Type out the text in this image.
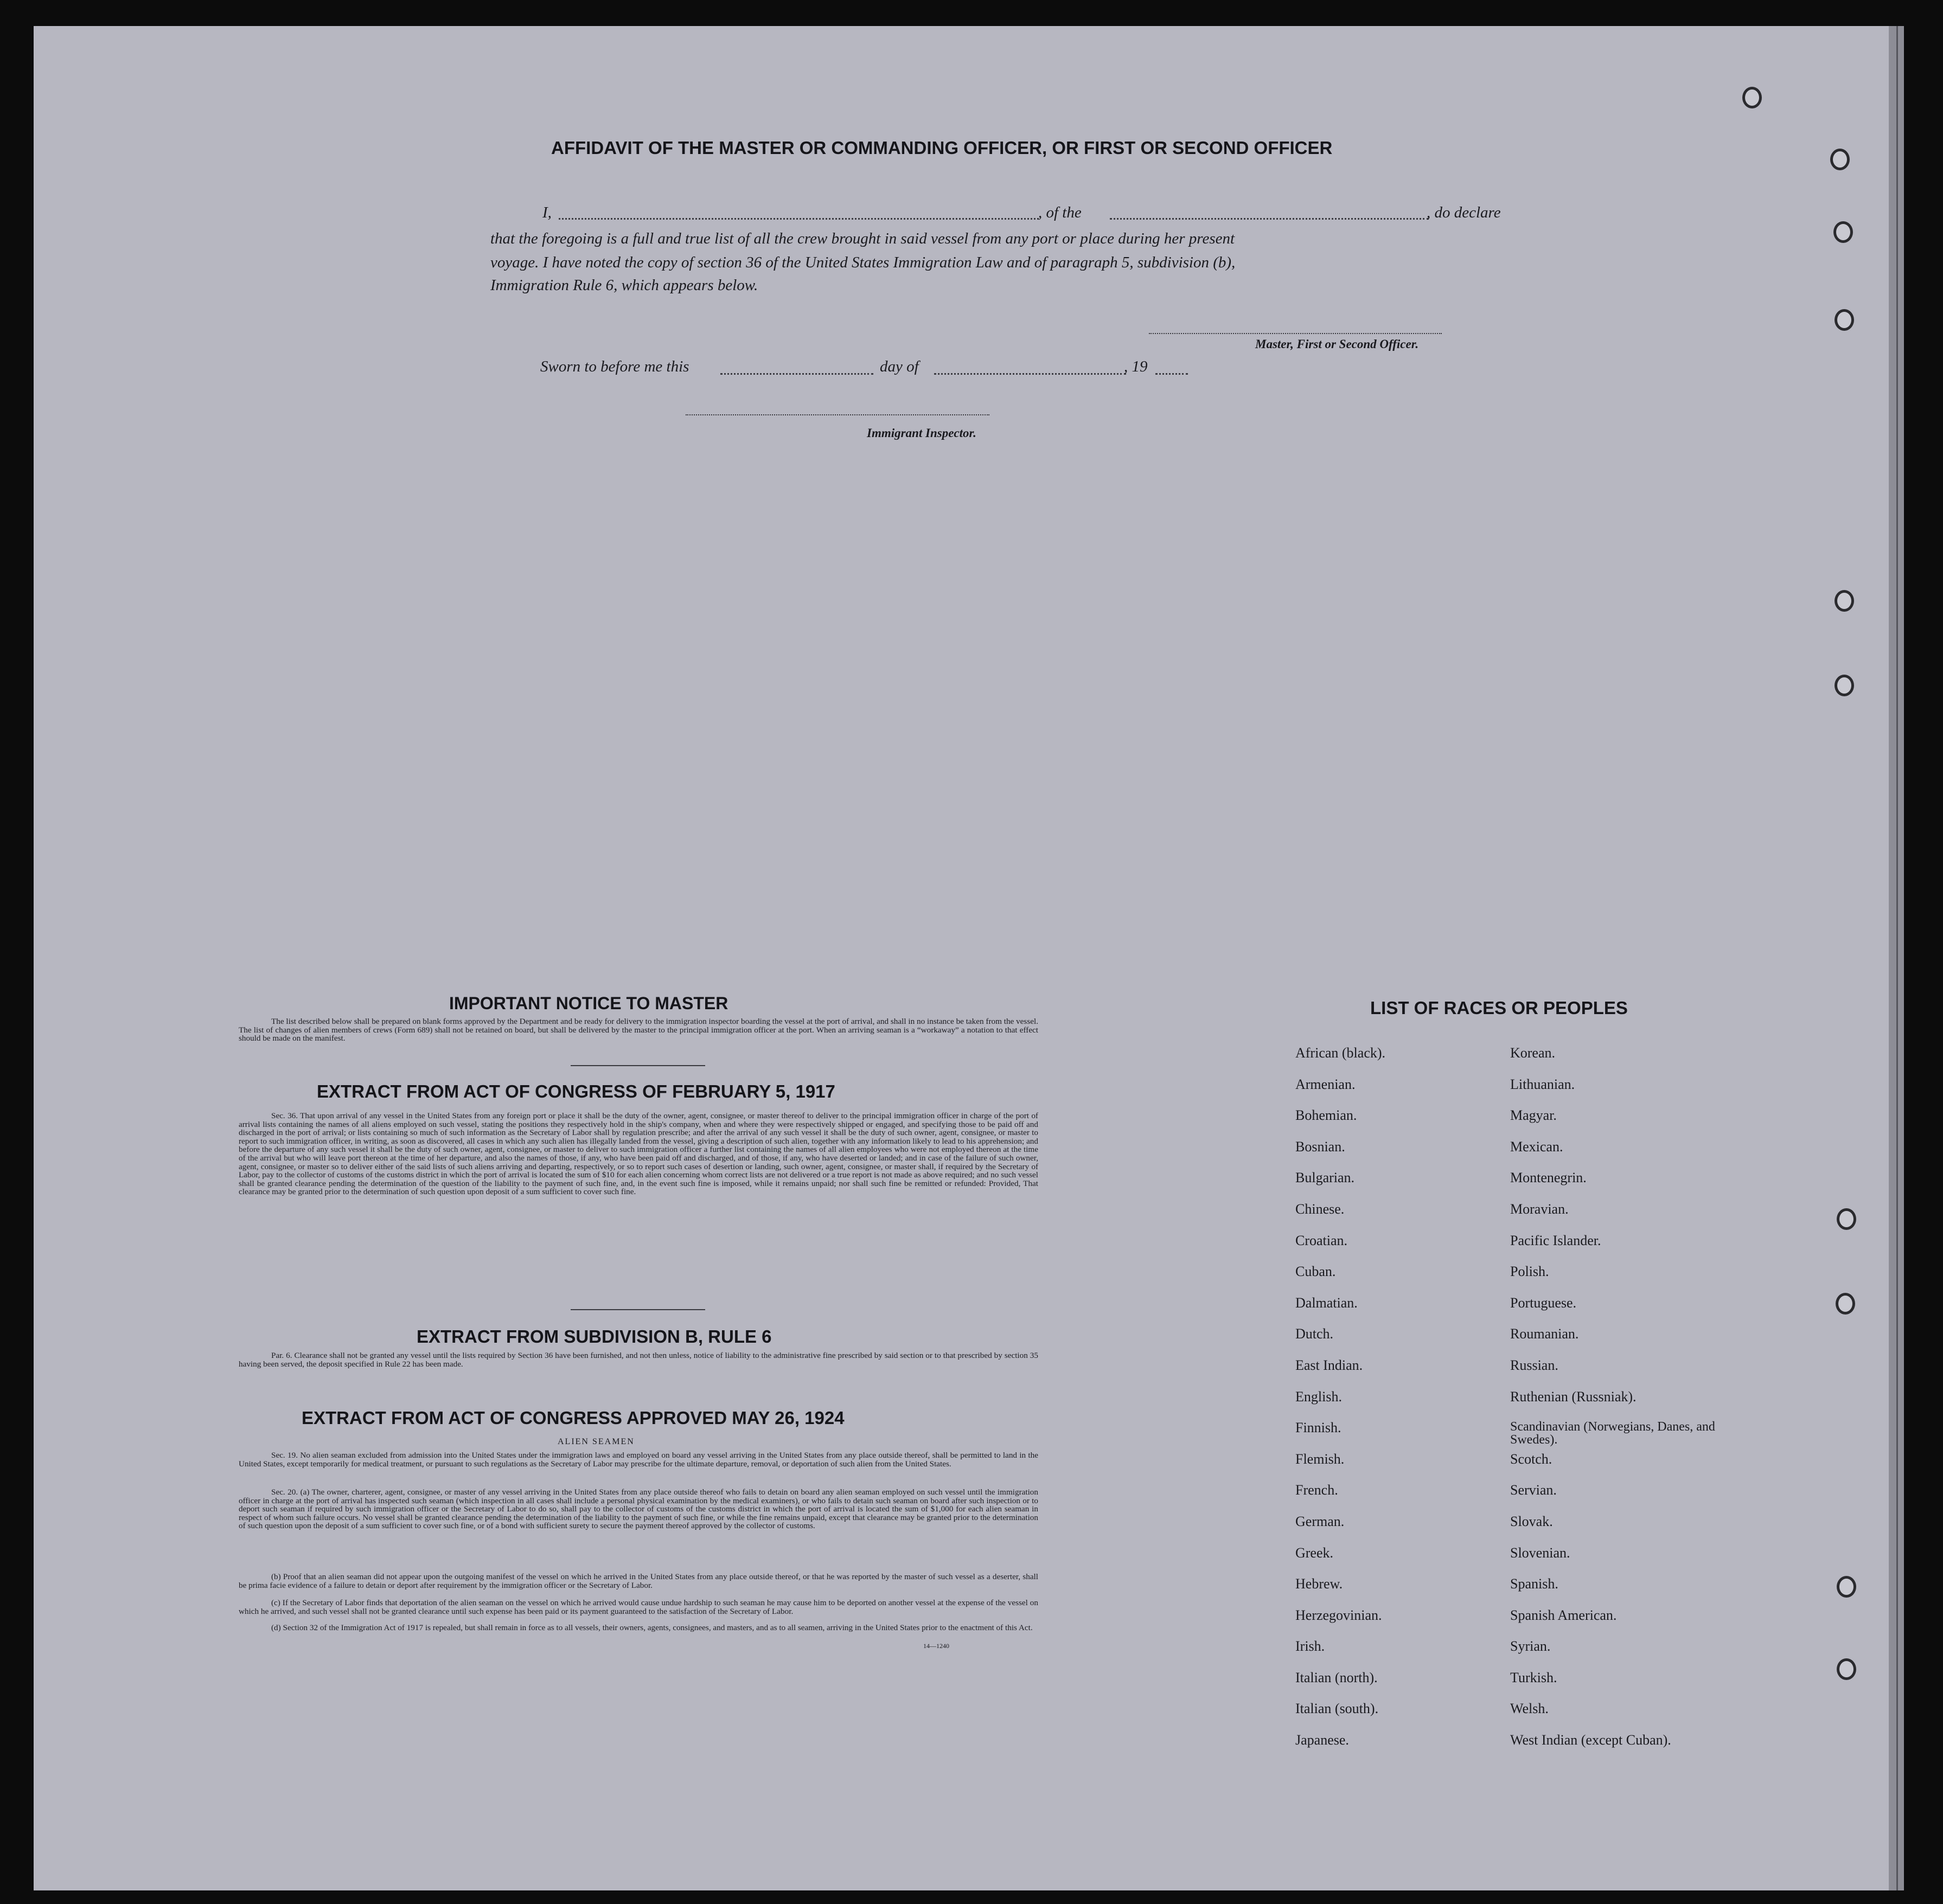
AFFIDAVIT OF THE MASTER OR COMMANDING OFFICER, OR FIRST OR SECOND OFFICER
I,	, of the	, do declare
that the foregoing is a full and true list of all the crew brought in said vessel from any port or place during her present
voyage. I have noted the copy of section 36 of the United States Immigration Law and of paragraph 5, subdivision (b),
Immigration Rule 6, which appears below.
Master, First or Second Officer.
Sworn to before me this	day of	, 19
Immigrant Inspector.
IMPORTANT NOTICE TO MASTER
The list described below shall be prepared on blank forms approved by the Department and be ready for delivery to the immigration inspector boarding the vessel at the port of arrival, and shall in no instance be taken from the vessel. The list of changes of alien members of crews (Form 689) shall not be retained on board, but shall be delivered by the master to the principal immigration officer at the port. When an arriving seaman is a “workaway” a notation to that effect should be made on the manifest.
EXTRACT FROM ACT OF CONGRESS OF FEBRUARY 5, 1917
Sec. 36. That upon arrival of any vessel in the United States from any foreign port or place it shall be the duty of the owner, agent, consignee, or master thereof to deliver to the principal immigration officer in charge of the port of arrival lists containing the names of all aliens employed on such vessel, stating the positions they respectively hold in the ship's company, when and where they were respectively shipped or engaged, and specifying those to be paid off and discharged in the port of arrival; or lists containing so much of such information as the Secretary of Labor shall by regulation prescribe; and after the arrival of any such vessel it shall be the duty of such owner, agent, consignee, or master to report to such immigration officer, in writing, as soon as discovered, all cases in which any such alien has illegally landed from the vessel, giving a description of such alien, together with any information likely to lead to his apprehension; and before the departure of any such vessel it shall be the duty of such owner, agent, consignee, or master to deliver to such immigration officer a further list containing the names of all alien employees who were not employed thereon at the time of the arrival but who will leave port thereon at the time of her departure, and also the names of those, if any, who have been paid off and discharged, and of those, if any, who have deserted or landed; and in case of the failure of such owner, agent, consignee, or master so to deliver either of the said lists of such aliens arriving and departing, respectively, or so to report such cases of desertion or landing, such owner, agent, consignee, or master shall, if required by the Secretary of Labor, pay to the collector of customs of the customs district in which the port of arrival is located the sum of $10 for each alien concerning whom correct lists are not delivered or a true report is not made as above required; and no such vessel shall be granted clearance pending the determination of the question of the liability to the payment of such fine, and, in the event such fine is imposed, while it remains unpaid; nor shall such fine be remitted or refunded: Provided, That clearance may be granted prior to the determination of such question upon deposit of a sum sufficient to cover such fine.
EXTRACT FROM SUBDIVISION B, RULE 6
Par. 6. Clearance shall not be granted any vessel until the lists required by Section 36 have been furnished, and not then unless, notice of liability to the administrative fine prescribed by said section or to that prescribed by section 35 having been served, the deposit specified in Rule 22 has been made.
EXTRACT FROM ACT OF CONGRESS APPROVED MAY 26, 1924
ALIEN SEAMEN
Sec. 19. No alien seaman excluded from admission into the United States under the immigration laws and employed on board any vessel arriving in the United States from any place outside thereof, shall be permitted to land in the United States, except temporarily for medical treatment, or pursuant to such regulations as the Secretary of Labor may prescribe for the ultimate departure, removal, or deportation of such alien from the United States.
Sec. 20. (a) The owner, charterer, agent, consignee, or master of any vessel arriving in the United States from any place outside thereof who fails to detain on board any alien seaman employed on such vessel until the immigration officer in charge at the port of arrival has inspected such seaman (which inspection in all cases shall include a personal physical examination by the medical examiners), or who fails to detain such seaman on board after such inspection or to deport such seaman if required by such immigration officer or the Secretary of Labor to do so, shall pay to the collector of customs of the customs district in which the port of arrival is located the sum of $1,000 for each alien seaman in respect of whom such failure occurs. No vessel shall be granted clearance pending the determination of the liability to the payment of such fine, or while the fine remains unpaid, except that clearance may be granted prior to the determination of such question upon the deposit of a sum sufficient to cover such fine, or of a bond with sufficient surety to secure the payment thereof approved by the collector of customs.
(b) Proof that an alien seaman did not appear upon the outgoing manifest of the vessel on which he arrived in the United States from any place outside thereof, or that he was reported by the master of such vessel as a deserter, shall be prima facie evidence of a failure to detain or deport after requirement by the immigration officer or the Secretary of Labor.
(c) If the Secretary of Labor finds that deportation of the alien seaman on the vessel on which he arrived would cause undue hardship to such seaman he may cause him to be deported on another vessel at the expense of the vessel on which he arrived, and such vessel shall not be granted clearance until such expense has been paid or its payment guaranteed to the satisfaction of the Secretary of Labor.
(d) Section 32 of the Immigration Act of 1917 is repealed, but shall remain in force as to all vessels, their owners, agents, consignees, and masters, and as to all seamen, arriving in the United States prior to the enactment of this Act.
14—1240
LIST OF RACES OR PEOPLES
African (black).
Armenian.
Bohemian.
Bosnian.
Bulgarian.
Chinese.
Croatian.
Cuban.
Dalmatian.
Dutch.
East Indian.
English.
Finnish.
Flemish.
French.
German.
Greek.
Hebrew.
Herzegovinian.
Irish.
Italian (north).
Italian (south).
Japanese.
Korean.
Lithuanian.
Magyar.
Mexican.
Montenegrin.
Moravian.
Pacific Islander.
Polish.
Portuguese.
Roumanian.
Russian.
Ruthenian (Russniak).
Scandinavian (Norwegians, Danes, and Swedes).
Scotch.
Servian.
Slovak.
Slovenian.
Spanish.
Spanish American.
Syrian.
Turkish.
Welsh.
West Indian (except Cuban).
